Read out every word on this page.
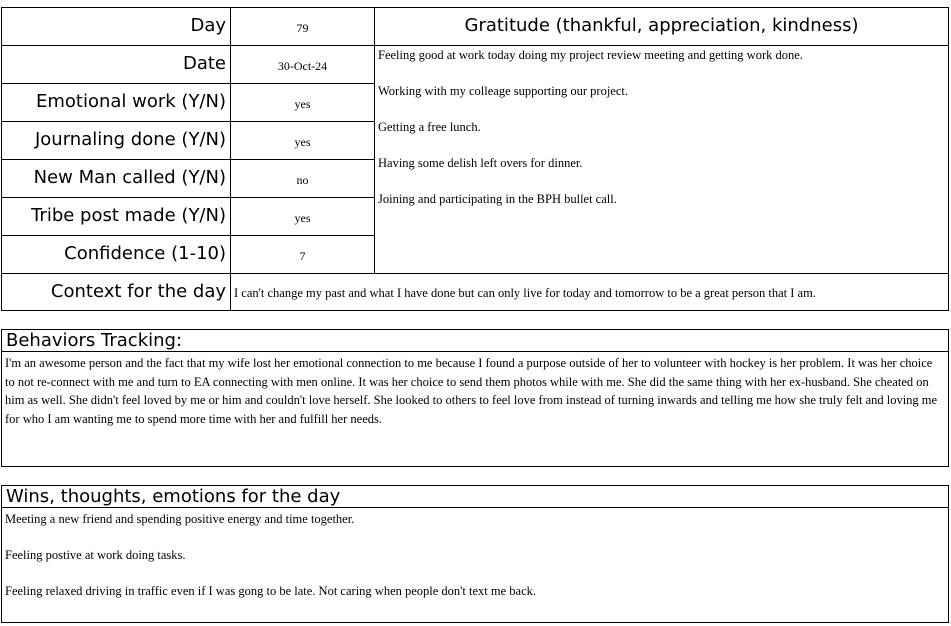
Day
Date
Emotional work (Y/N)
Journaling done (Y/N)
New Man called (Y/N)
Tribe post made (Y/N)
Confidence (1-10)
Context for the day
79
30-Oct-24
yes
yes
no
yes
7
I can't change my past and what I have done but can only live for today and tomorrow to be a great person that I am.
Gratitude (thankful, appreciation, kindness)

Feeling good at work today doing my project review meeting and getting work done.

Working with my colleage supporting our project.

Getting a free lunch.

Having some delish left overs for dinner.

Joining and participating in the BPH bullet call.

Behaviors Tracking:
I'm an awesome person and the fact that my wife lost her emotional connection to me because I found a purpose outside of her to volunteer with hockey is her problem. It was her choice to not re-connect with me and turn to EA connecting with men online. It was her choice to send them photos while with me. She did the same thing with her ex-husband. She cheated on him as well. She didn't feel loved by me or him and couldn't love herself. She looked to others to feel love from instead of turning inwards and telling me how she truly felt and loving me for who I am wanting me to spend more time with her and fulfill her needs.
Wins, thoughts, emotions for the day

Meeting a new friend and spending positive energy and time together.

Feeling postive at work doing tasks.

Feeling relaxed driving in traffic even if I was gong to be late. Not caring when people don't text me back.
